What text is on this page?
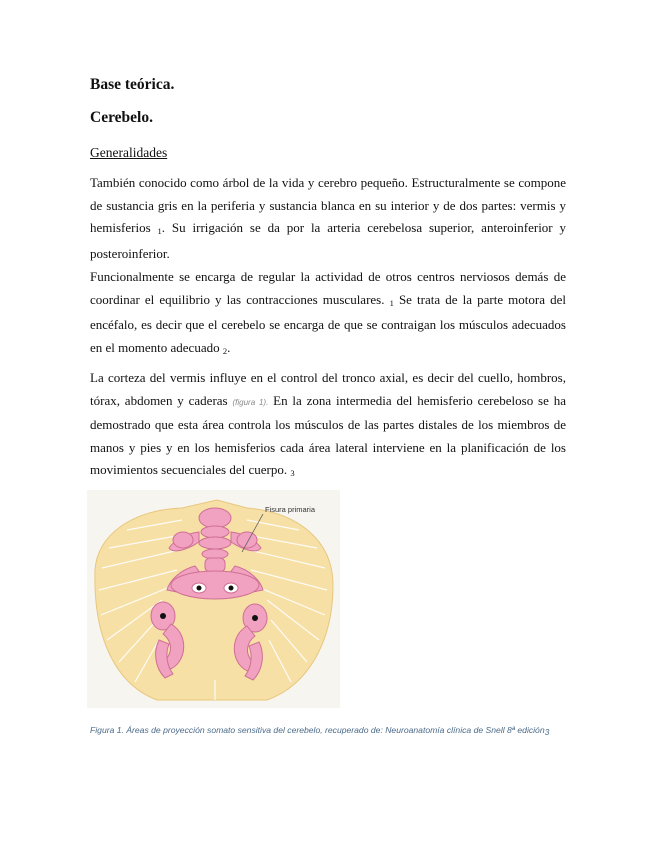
Base teórica.
Cerebelo.
Generalidades

También conocido como árbol de la vida y cerebro pequeño. Estructuralmente se compone de sustancia gris en la periferia y sustancia blanca en su interior y de dos partes: vermis y hemisferios 1. Su irrigación se da por la arteria cerebelosa superior, anteroinferior y posteroinferior.

Funcionalmente se encarga de regular la actividad de otros centros nerviosos demás de coordinar el equilibrio y las contracciones musculares. 1 Se trata de la parte motora del encéfalo, es decir que el cerebelo se encarga de que se contraigan los músculos adecuados en el momento adecuado 2.

La corteza del vermis influye en el control del tronco axial, es decir del cuello, hombros, tórax, abdomen y caderas (figura 1). En la zona intermedia del hemisferio cerebeloso se ha demostrado que esta área controla los músculos de las partes distales de los miembros de manos y pies y en los hemisferios cada área lateral interviene en la planificación de los movimientos secuenciales del cuerpo. 3

Fisura primaria
Figura 1. Áreas de proyección somato sensitiva del cerebelo, recuperado de: Neuroanatomía clínica de Snell 8ª edición3
